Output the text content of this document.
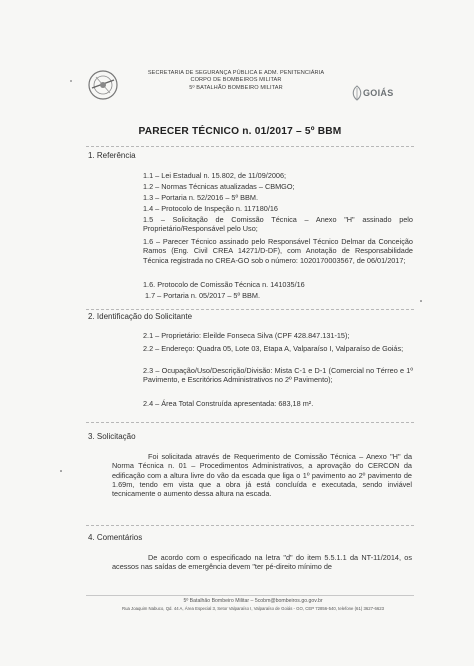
SECRETARIA DE SEGURANÇA PÚBLICA E ADM. PENITENCIÁRIA
CORPO DE BOMBEIROS MILITAR
5º BATALHÃO BOMBEIRO MILITAR
GOIÁS
PARECER TÉCNICO n. 01/2017 – 5º BBM
1. Referência
1.1 – Lei Estadual n. 15.802, de 11/09/2006;
1.2 – Normas Técnicas atualizadas – CBMGO;
1.3 – Portaria n. 52/2016 – 5º BBM.
1.4 – Protocolo de Inspeção n. 117180/16
1.5 – Solicitação de Comissão Técnica – Anexo "H" assinado pelo Proprietário/Responsável pelo Uso;
1.6 – Parecer Técnico assinado pelo Responsável Técnico Delmar da Conceição Ramos (Eng. Civil CREA 14271/D-DF), com Anotação de Responsabilidade Técnica registrada no CREA-GO sob o número: 1020170003567, de 06/01/2017;
1.6. Protocolo de Comissão Técnica n. 141035/16
1.7 – Portaria n. 05/2017 – 5º BBM.
2. Identificação do Solicitante
2.1 – Proprietário: Eleilde Fonseca Silva (CPF 428.847.131-15);
2.2 – Endereço: Quadra 05, Lote 03, Etapa A, Valparaíso I, Valparaíso de Goiás;
2.3 – Ocupação/Uso/Descrição/Divisão: Mista C-1 e D-1 (Comercial no Térreo e 1º Pavimento, e Escritórios Administrativos no 2º Pavimento);
2.4 – Área Total Construída apresentada: 683,18 m².
3. Solicitação
Foi solicitada através de Requerimento de Comissão Técnica – Anexo "H" da Norma Técnica n. 01 – Procedimentos Administrativos, a aprovação do CERCON da edificação com a altura livre do vão da escada que liga o 1º pavimento ao 2º pavimento de 1.69m, tendo em vista que a obra já está concluída e executada, sendo inviável tecnicamente o aumento dessa altura na escada.
4. Comentários
De acordo com o especificado na letra "d" do item 5.5.1.1 da NT-11/2014, os acessos nas saídas de emergência devem "ter pé-direito mínimo de
5º Batalhão Bombeiro Militar – 5cobm@bombeiros.go.gov.br
Rua Joaquim Nabuco, Qd. 44 A, Área Especial 3, Setor Valparaíso I, Valparaíso de Goiás - GO, CEP 72856-540, telefone (61) 3627-6623
